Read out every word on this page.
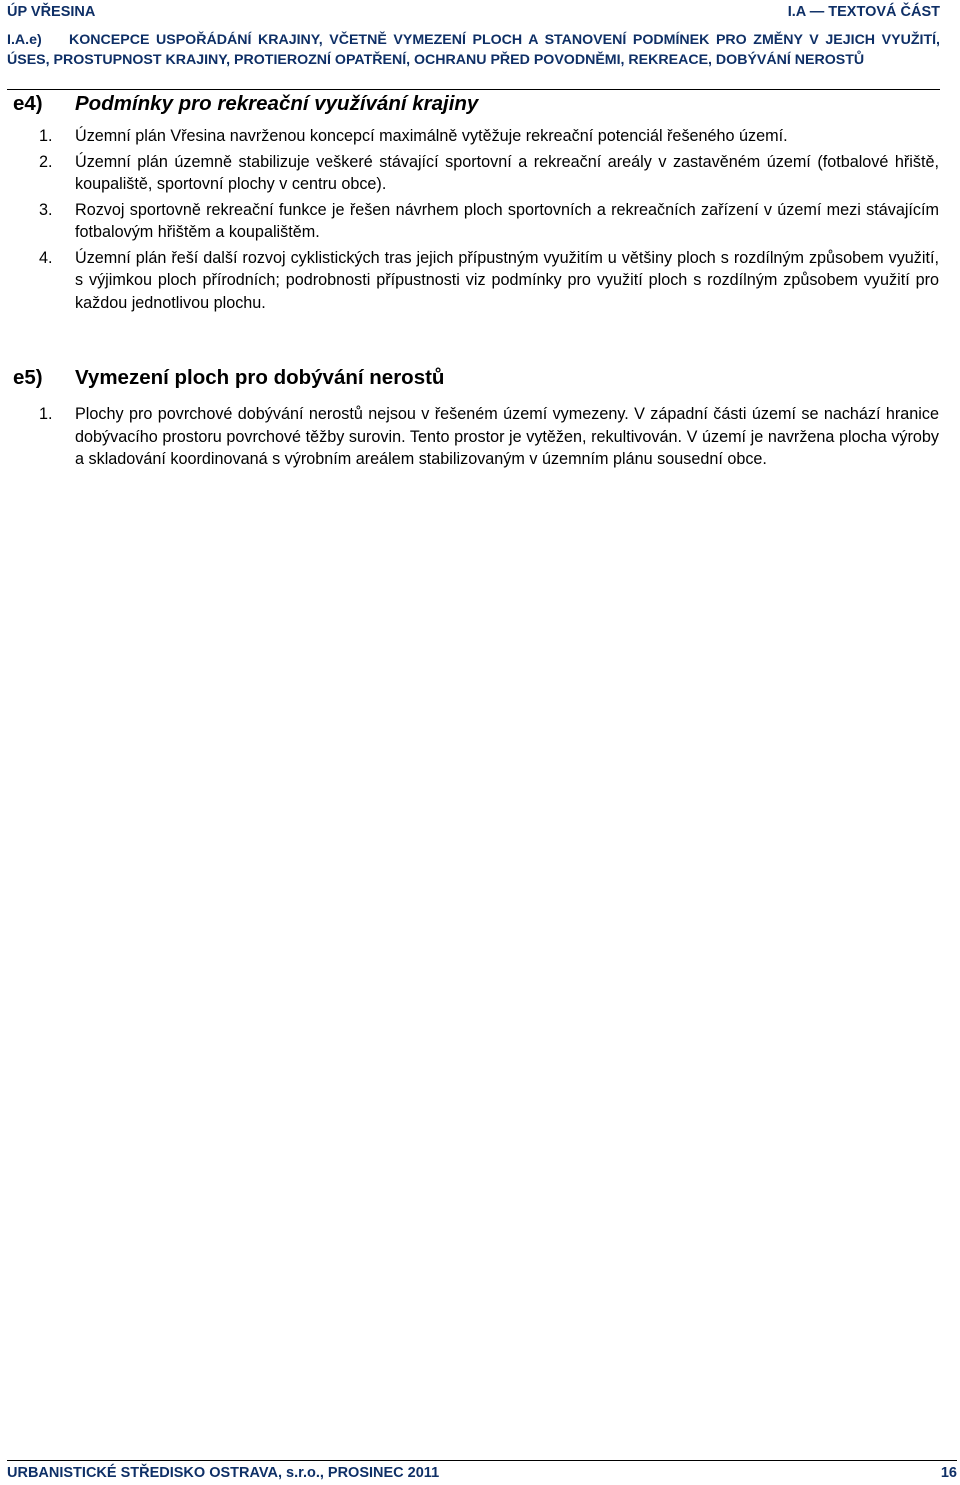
ÚP VŘESINA	I.A — TEXTOVÁ ČÁST
I.A.e) KONCEPCE USPOŘÁDÁNÍ KRAJINY, VČETNĚ VYMEZENÍ PLOCH A STANOVENÍ PODMÍNEK PRO ZMĚNY V JEJICH VYUŽITÍ, ÚSES, PROSTUPNOST KRAJINY, PROTIEROZNÍ OPATŘENÍ, OCHRANU PŘED POVODNĚMI, REKREACE, DOBÝVÁNÍ NEROSTŮ
e4)	Podmínky pro rekreační využívání krajiny
1.	Územní plán Vřesina navrženou koncepcí maximálně vytěžuje rekreační potenciál řešeného území.
2.	Územní plán územně stabilizuje veškeré stávající sportovní a rekreační areály v zastavěném území (fotbalové hřiště, koupaliště, sportovní plochy v centru obce).
3.	Rozvoj sportovně rekreační funkce je řešen návrhem ploch sportovních a rekreačních zařízení v území mezi stávajícím fotbalovým hřištěm a koupalištěm.
4.	Územní plán řeší další rozvoj cyklistických tras jejich přípustným využitím u většiny ploch s rozdílným způsobem využití, s výjimkou ploch přírodních; podrobnosti přípustnosti viz podmínky pro využití ploch s rozdílným způsobem využití pro každou jednotlivou plochu.
e5)	Vymezení ploch pro dobývání nerostů
1.	Plochy pro povrchové dobývání nerostů nejsou v řešeném území vymezeny. V západní části území se nachází hranice dobývacího prostoru povrchové těžby surovin. Tento prostor je vytěžen, rekultivován. V území je navržena plocha výroby a skladování koordinovaná s výrobním areálem stabilizovaným v územním plánu sousední obce.
URBANISTICKÉ STŘEDISKO OSTRAVA, s.r.o., PROSINEC 2011	16
